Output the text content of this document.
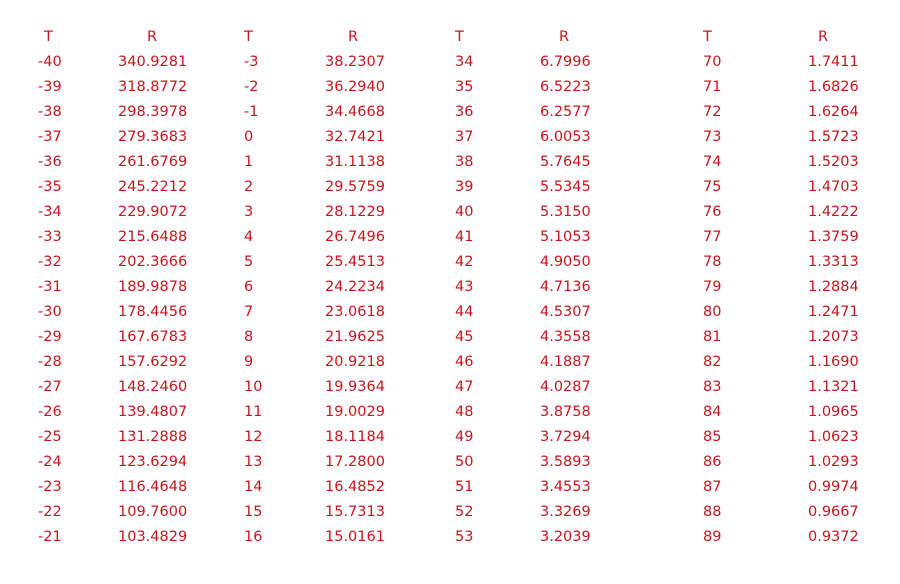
T	R	T	R	T	R	T	R
-40	340.9281	-3	38.2307	34	6.7996	70	1.7411
-39	318.8772	-2	36.2940	35	6.5223	71	1.6826
-38	298.3978	-1	34.4668	36	6.2577	72	1.6264
-37	279.3683	0	32.7421	37	6.0053	73	1.5723
-36	261.6769	1	31.1138	38	5.7645	74	1.5203
-35	245.2212	2	29.5759	39	5.5345	75	1.4703
-34	229.9072	3	28.1229	40	5.3150	76	1.4222
-33	215.6488	4	26.7496	41	5.1053	77	1.3759
-32	202.3666	5	25.4513	42	4.9050	78	1.3313
-31	189.9878	6	24.2234	43	4.7136	79	1.2884
-30	178.4456	7	23.0618	44	4.5307	80	1.2471
-29	167.6783	8	21.9625	45	4.3558	81	1.2073
-28	157.6292	9	20.9218	46	4.1887	82	1.1690
-27	148.2460	10	19.9364	47	4.0287	83	1.1321
-26	139.4807	11	19.0029	48	3.8758	84	1.0965
-25	131.2888	12	18.1184	49	3.7294	85	1.0623
-24	123.6294	13	17.2800	50	3.5893	86	1.0293
-23	116.4648	14	16.4852	51	3.4553	87	0.9974
-22	109.7600	15	15.7313	52	3.3269	88	0.9667
-21	103.4829	16	15.0161	53	3.2039	89	0.9372
